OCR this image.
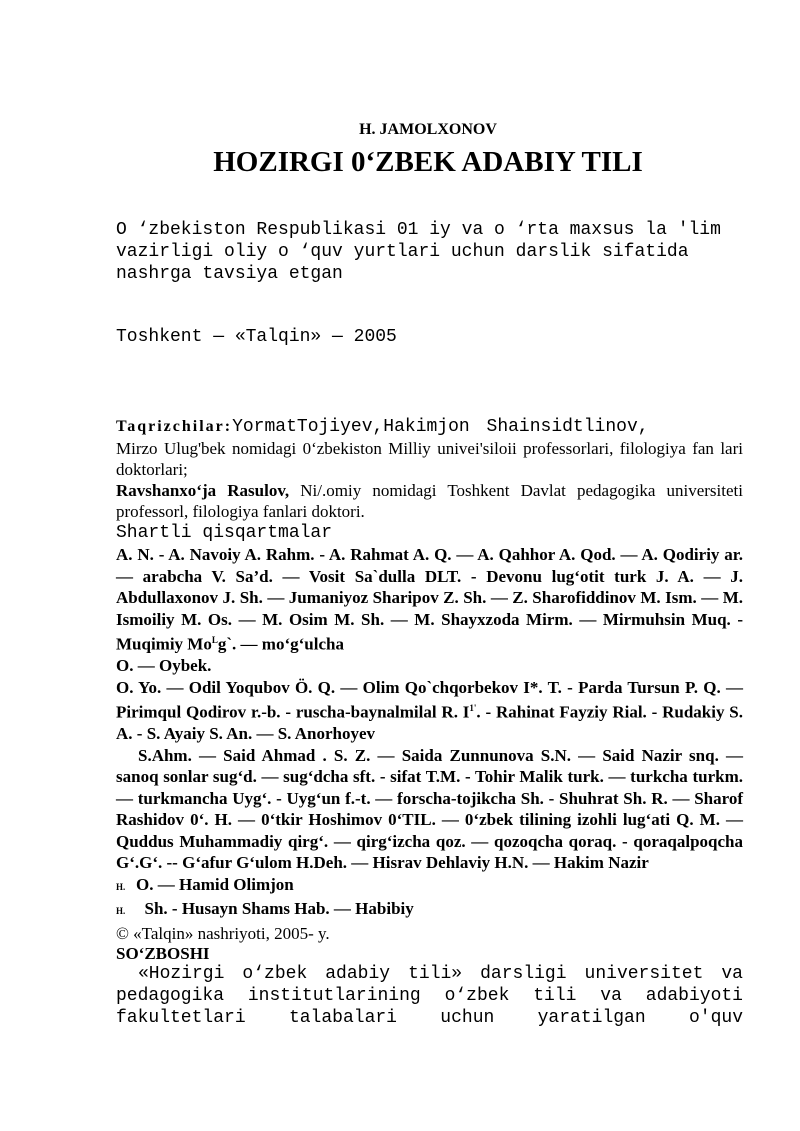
H. JAMOLXONOV
HOZIRGI 0‘ZBEK ADABIY TILI
O ‘zbekiston Respublikasi 01 iy va o ‘rta maxsus la 'lim
vazirligi oliy o ‘quv yurtlari uchun darslik sifatida
nashrga tavsiya etgan
Toshkent — «Talqin» — 2005
Taqrizchilar:YormatTojiyev,Hakimjon Shainsidtlinov,
Mirzo Ulug'bek nomidagi 0‘zbekiston Milliy univei'siloii professorlari, filologiya fan lari doktorlari;
Ravshanxo‘ja Rasulov, Ni/.omiy nomidagi Toshkent Davlat pedagogika universiteti professorl, filologiya fanlari doktori.
Shartli qisqartmalar

A. N. - A. Navoiy A. Rahm. - A. Rahmat A. Q. — A. Qahhor A. Qod. — A. Qodiriy ar. — arabcha V. Sa’d. — Vosit Sa`dulla DLT. - Devonu lug‘otit turk J. A. — J. Abdullaxonov J. Sh. — Jumaniyoz Sharipov Z. Sh. — Z. Sharofiddinov M. Ism. — M. Ismoiliy M. Os. — M. Osim M. Sh. — M. Shayxzoda Mirm. — Mirmuhsin Muq. - Muqimiy $Mo^Lg`$. — mo‘g‘ulcha

O. — Oybek.

O. Yo. — Odil Yoqubov Ö. Q. — Olim Qo`chqorbekov I*. T. - Parda Tursun P. Q. — Pirimqul Qodirov r.-b. - ruscha-baynalmilal R. $I^{1'}$. - Rahinat Fayziy Rial. - Rudakiy S. A. - S. Ayaiy S. An. — S. Anorhoyev

S.Ahm. — Said Ahmad . S. Z. — Saida Zunnunova S.N. — Said Nazir snq. — sanoq sonlar sug‘d. — sug‘dcha sft. - sifat T.M. - Tohir Malik turk. — turkcha turkm. — turkmancha Uyg‘. - Uyg‘un f.-t. — forscha-tojikcha Sh. - Shuhrat Sh. R. — Sharof Rashidov 0‘. H. — 0‘tkir Hoshimov 0‘TIL. — 0‘zbek tilining izohli lug‘ati Q. M. — Quddus Muhammadiy qirg‘. — qirg‘izcha qoz. — qozoqcha qoraq. - qoraqalpoqcha G‘.G‘. -- G‘afur G‘ulom H.Deh. — Hisrav Dehlaviy H.N. — Hakim Nazir

H. O. — Hamid Olimjon

H. Sh. - Husayn Shams Hab. — Habibiy

© «Talqin» nashriyoti, 2005- y.
SO‘ZBOSHI
«Hozirgi o‘zbek adabiy tili» darsligi universitet va
pedagogika institutlarining o‘zbek tili va adabiyoti
fakultetlari talabalari uchun yaratilgan o'quv
